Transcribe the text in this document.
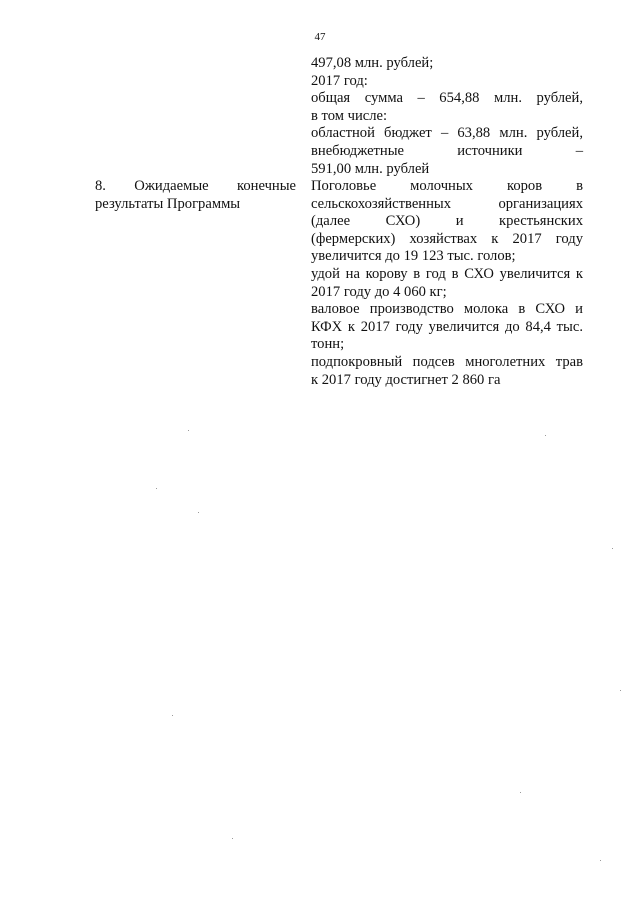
47
497,08 млн. рублей;
2017 год:
общая сумма – 654,88 млн. рублей,
в том числе:
областной бюджет – 63,88 млн. рублей,
внебюджетные источники –
591,00 млн. рублей
8. Ожидаемые конечные
результаты Программы
Поголовье молочных коров в
сельскохозяйственных организациях
(далее СХО) и крестьянских
(фермерских) хозяйствах к 2017 году
увеличится до 19 123 тыс. голов;
удой на корову в год в СХО увеличится к
2017 году до 4 060 кг;
валовое производство молока в СХО и
КФХ к 2017 году увеличится до 84,4 тыс.
тонн;
подпокровный подсев многолетних трав
к 2017 году достигнет 2 860 га
